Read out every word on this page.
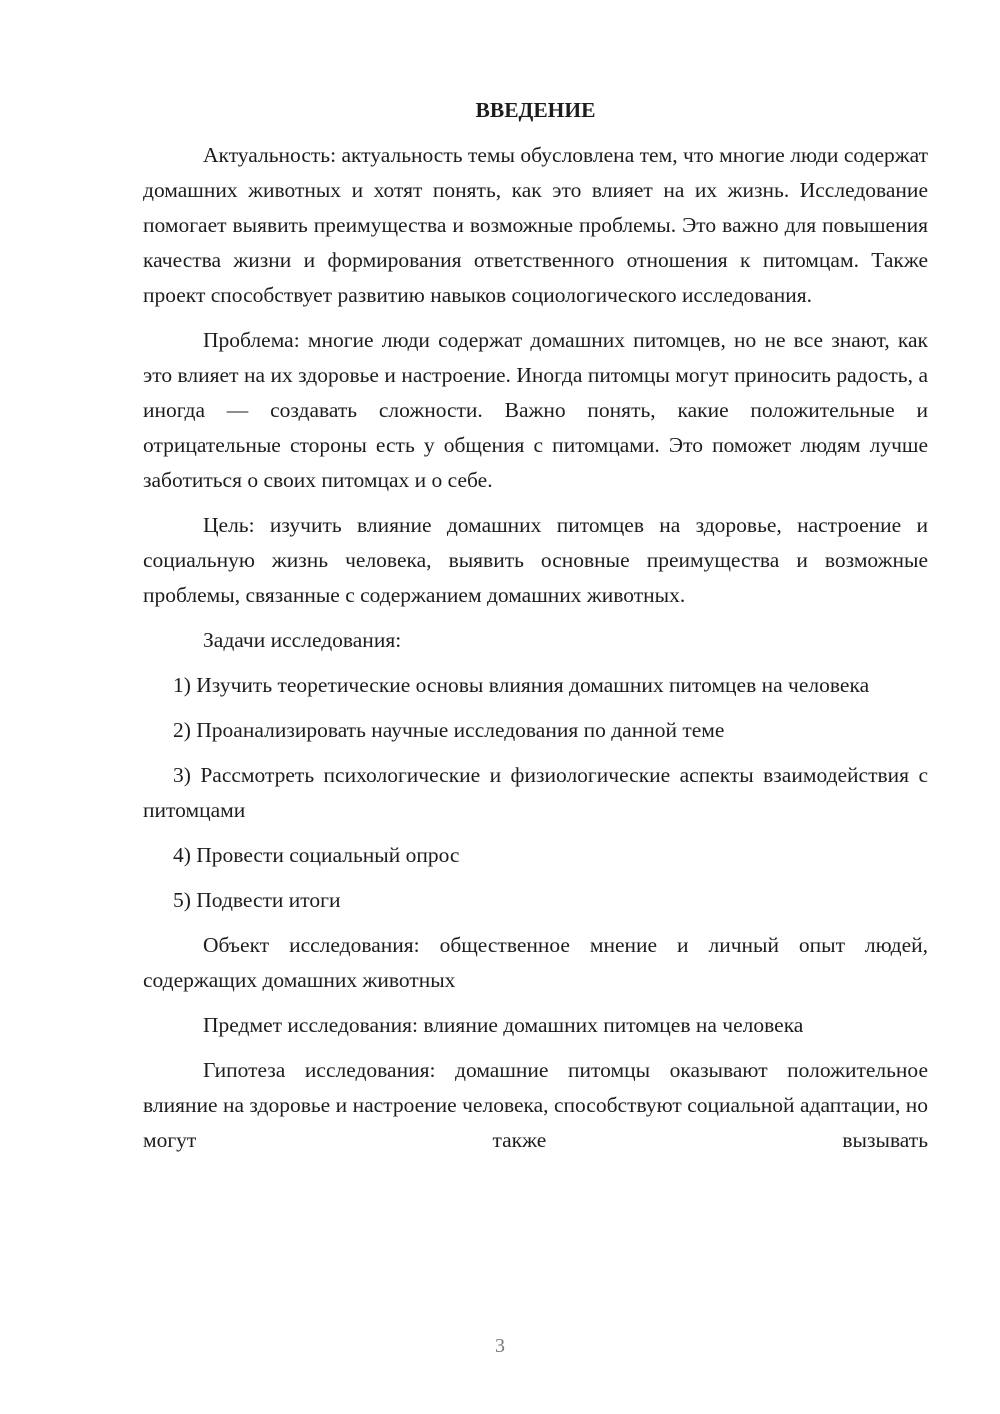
ВВЕДЕНИЕ

Актуальность: актуальность темы обусловлена тем, что многие люди содержат домашних животных и хотят понять, как это влияет на их жизнь. Исследование помогает выявить преимущества и возможные проблемы. Это важно для повышения качества жизни и формирования ответственного отношения к питомцам. Также проект способствует развитию навыков социологического исследования.

Проблема: многие люди содержат домашних питомцев, но не все знают, как это влияет на их здоровье и настроение. Иногда питомцы могут приносить радость, а иногда — создавать сложности. Важно понять, какие положительные и отрицательные стороны есть у общения с питомцами. Это поможет людям лучше заботиться о своих питомцах и о себе.

Цель: изучить влияние домашних питомцев на здоровье, настроение и социальную жизнь человека, выявить основные преимущества и возможные проблемы, связанные с содержанием домашних животных.

Задачи исследования:

1) Изучить теоретические основы влияния домашних питомцев на человека

2) Проанализировать научные исследования по данной теме

3) Рассмотреть психологические и физиологические аспекты взаимодействия с питомцами

4) Провести социальный опрос

5) Подвести итоги

Объект исследования: общественное мнение и личный опыт людей, содержащих домашних животных

Предмет исследования: влияние домашних питомцев на человека

Гипотеза исследования: домашние питомцы оказывают положительное влияние на здоровье и настроение человека, способствуют социальной адаптации, но могут также вызывать

3
